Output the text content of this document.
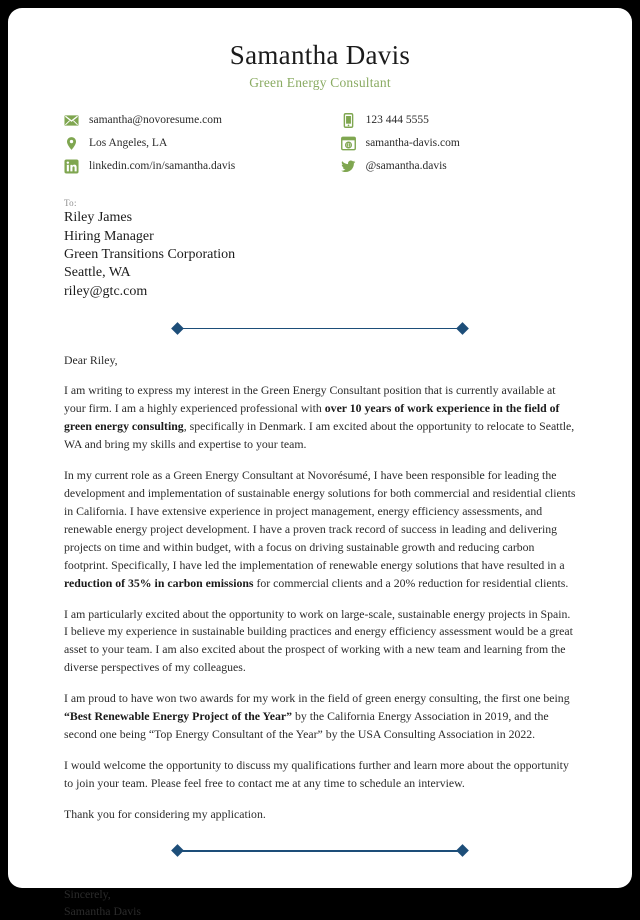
Samantha Davis
Green Energy Consultant
samantha@novoresume.com
Los Angeles, LA
linkedin.com/in/samantha.davis
123 444 5555
samantha-davis.com
@samantha.davis
To:
Riley James
Hiring Manager
Green Transitions Corporation
Seattle, WA
riley@gtc.com
Dear Riley,

I am writing to express my interest in the Green Energy Consultant position that is currently available at your firm. I am a highly experienced professional with over 10 years of work experience in the field of green energy consulting, specifically in Denmark. I am excited about the opportunity to relocate to Seattle, WA and bring my skills and expertise to your team.

In my current role as a Green Energy Consultant at Novorésumé, I have been responsible for leading the development and implementation of sustainable energy solutions for both commercial and residential clients in California. I have extensive experience in project management, energy efficiency assessments, and renewable energy project development. I have a proven track record of success in leading and delivering projects on time and within budget, with a focus on driving sustainable growth and reducing carbon footprint. Specifically, I have led the implementation of renewable energy solutions that have resulted in a reduction of 35% in carbon emissions for commercial clients and a 20% reduction for residential clients.

I am particularly excited about the opportunity to work on large-scale, sustainable energy projects in Spain. I believe my experience in sustainable building practices and energy efficiency assessment would be a great asset to your team. I am also excited about the prospect of working with a new team and learning from the diverse perspectives of my colleagues.

I am proud to have won two awards for my work in the field of green energy consulting, the first one being “Best Renewable Energy Project of the Year” by the California Energy Association in 2019, and the second one being “Top Energy Consultant of the Year” by the USA Consulting Association in 2022.

I would welcome the opportunity to discuss my qualifications further and learn more about the opportunity to join your team. Please feel free to contact me at any time to schedule an interview.

Thank you for considering my application.

Sincerely,
Samantha Davis
